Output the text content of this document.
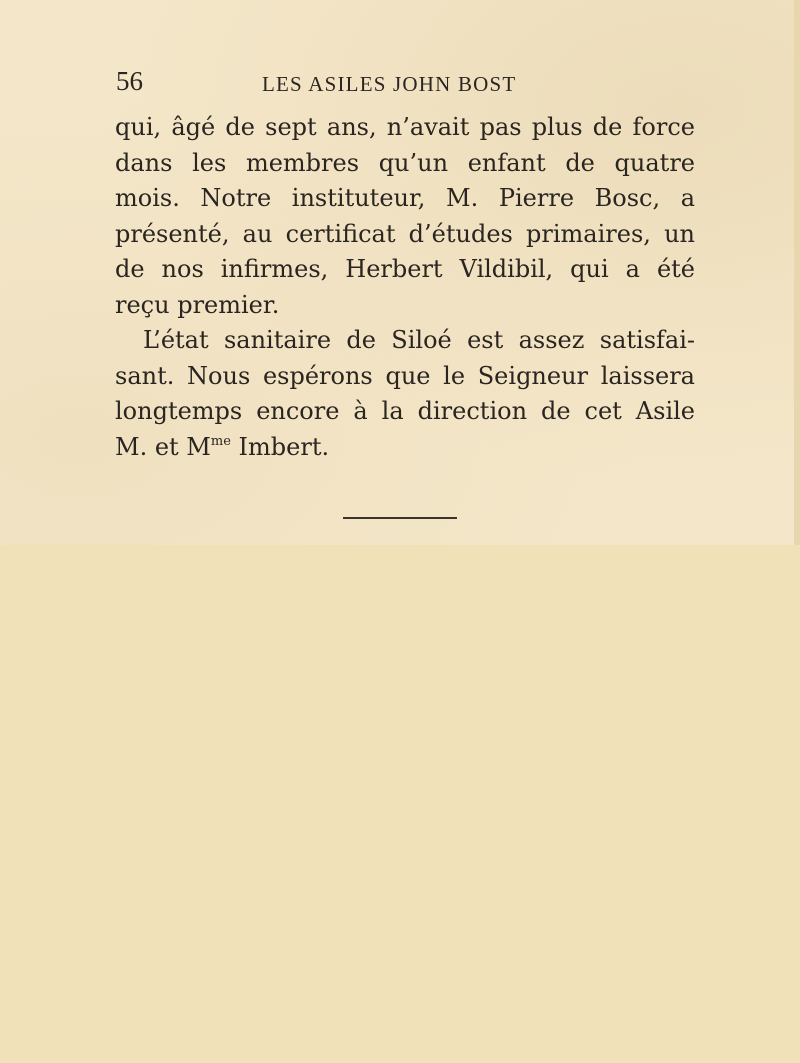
56	LES ASILES JOHN BOST
qui, âgé de sept ans, n’avait pas plus de force
dans les membres qu’un enfant de quatre
mois. Notre instituteur, M. Pierre Bosc, a
présenté, au certificat d’études primaires, un
de nos infirmes, Herbert Vildibil, qui a été
reçu premier.
L’état sanitaire de Siloé est assez satisfai-
sant. Nous espérons que le Seigneur laissera
longtemps encore à la direction de cet Asile
M. et $M^{me}$ Imbert.
